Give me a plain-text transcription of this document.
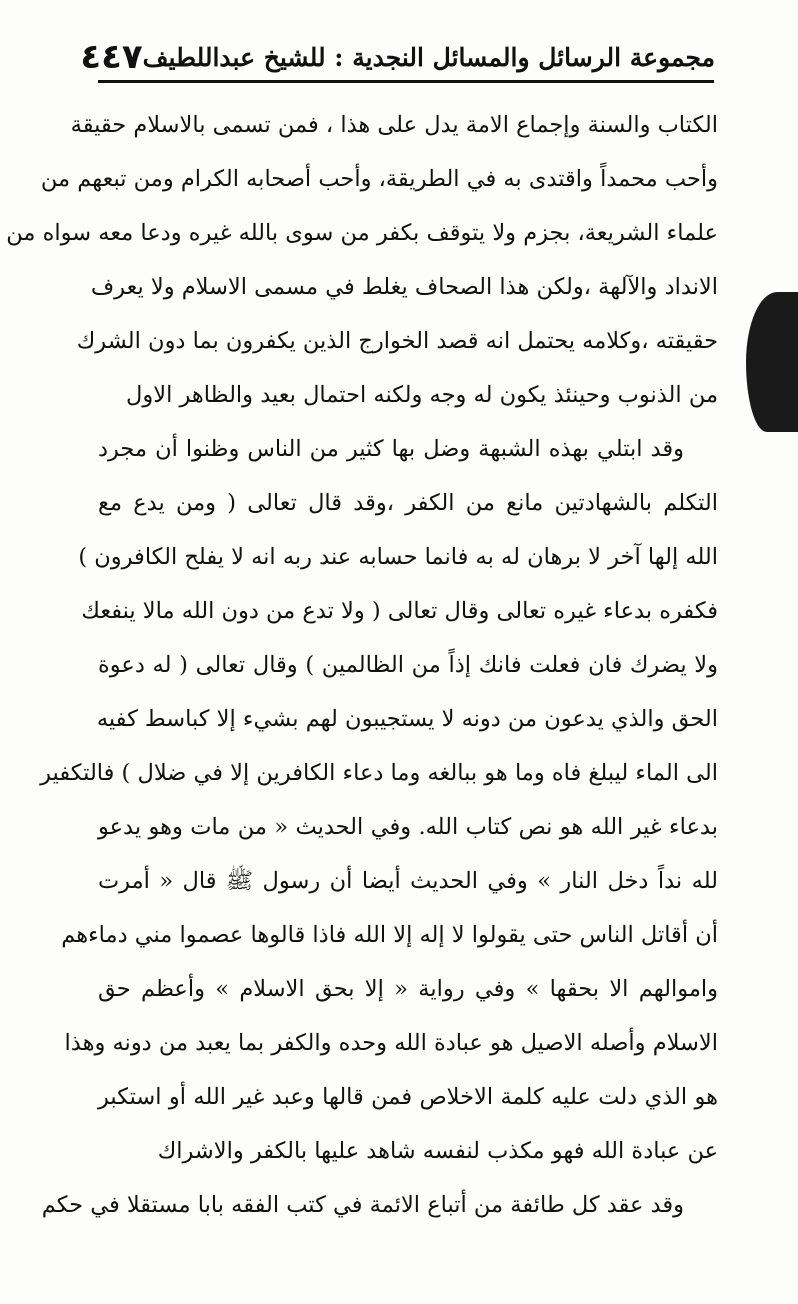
مجموعة الرسائل والمسائل النجدية : للشيخ عبداللطيف
٤٤٧
الكتاب والسنة وإجماع الامة يدل على هذا ، فمن تسمى بالاسلام حقيقة
وأحب محمداً واقتدى به في الطريقة، وأحب أصحابه الكرام ومن تبعهم من
علماء الشريعة، بجزم ولا يتوقف بكفر من سوى بالله غيره ودعا معه سواه من
الانداد والآلهة ،ولكن هذا الصحاف يغلط في مسمى الاسلام ولا يعرف
حقيقته ،وكلامه يحتمل انه قصد الخوارج الذين يكفرون بما دون الشرك
من الذنوب وحينئذ يكون له وجه ولكنه احتمال بعيد والظاهر الاول
وقد ابتلي بهذه الشبهة وضل بها كثير من الناس وظنوا أن مجرد
التكلم بالشهادتين مانع من الكفر ،وقد قال تعالى ( ومن يدع مع
الله إلها آخر لا برهان له به فانما حسابه عند ربه انه لا يفلح الكافرون )
فكفره بدعاء غيره تعالى وقال تعالى ( ولا تدع من دون الله مالا ينفعك
ولا يضرك فان فعلت فانك إذاً من الظالمين ) وقال تعالى ( له دعوة
الحق والذي يدعون من دونه لا يستجيبون لهم بشيء إلا كباسط كفيه
الى الماء ليبلغ فاه وما هو ببالغه وما دعاء الكافرين إلا في ضلال ) فالتكفير
بدعاء غير الله هو نص كتاب الله. وفي الحديث « من مات وهو يدعو
لله نداً دخل النار » وفي الحديث أيضا أن رسول ﷺ قال « أمرت
أن أقاتل الناس حتى يقولوا لا إله إلا الله فاذا قالوها عصموا مني دماءهم
واموالهم الا بحقها » وفي رواية « إلا بحق الاسلام » وأعظم حق
الاسلام وأصله الاصيل هو عبادة الله وحده والكفر بما يعبد من دونه وهذا
هو الذي دلت عليه كلمة الاخلاص فمن قالها وعبد غير الله أو استكبر
عن عبادة الله فهو مكذب لنفسه شاهد عليها بالكفر والاشراك
وقد عقد كل طائفة من أتباع الائمة في كتب الفقه بابا مستقلا في حكم
